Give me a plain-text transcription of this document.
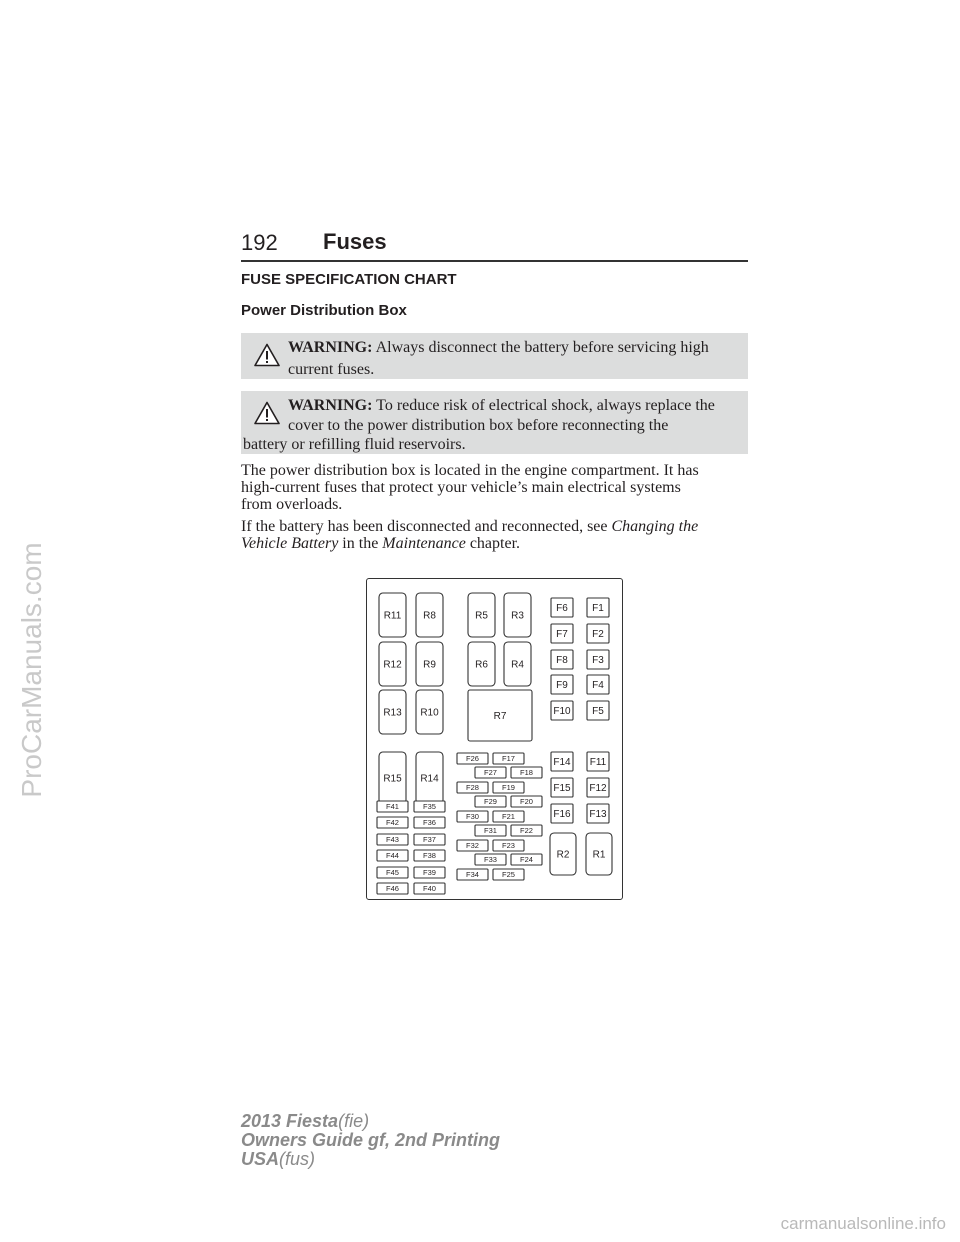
ProCarManuals.com
192 Fuses
FUSE SPECIFICATION CHART
Power Distribution Box
WARNING: Always disconnect the battery before servicing high
current fuses.
WARNING: To reduce risk of electrical shock, always replace the
cover to the power distribution box before reconnecting the
battery or refilling fluid reservoirs.
The power distribution box is located in the engine compartment. It has
high-current fuses that protect your vehicle’s main electrical systems
from overloads.
If the battery has been disconnected and reconnected, see Changing the
Vehicle Battery in the Maintenance chapter.
R11
R12
R13
R8
R9
R10
R15 R14
R5 R3
R6 R4
R7
R2 R1
F6
F7
F8
F9
F10
F1
F2
F3
F4
F5
F14
F15
F16
F11
F12
F13
F41
F42
F43
F44
F45
F46
F35
F36
F37
F38
F39
F40
F26	F17
F27	F18
F28	F19
F29	F20
F30	F21
F31	F22
F32	F23
F33	F24
F34	F25
2013 Fiesta(fie)
Owners Guide gf, 2nd Printing
USA(fus)
carmanualsonline.info
